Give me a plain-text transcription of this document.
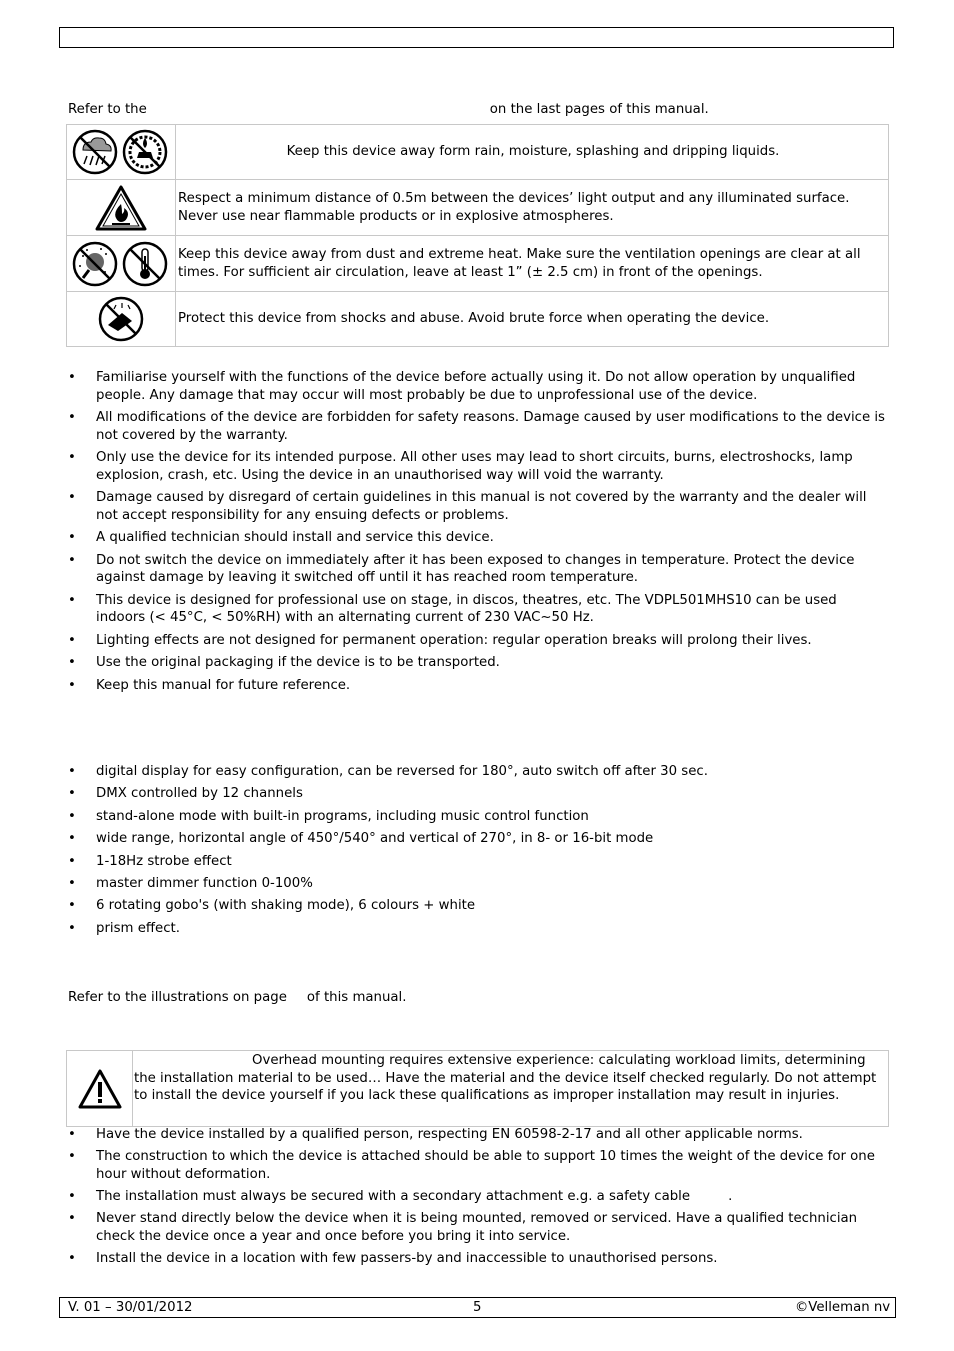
Refer to the	on the last pages of this manual.
	Keep this device away form rain, moisture, splashing and dripping liquids.
	Respect a minimum distance of 0.5m between the devices’ light output and any illuminated surface. Never use near flammable products or in explosive atmospheres.
	Keep this device away from dust and extreme heat. Make sure the ventilation openings are clear at all times. For sufficient air circulation, leave at least 1” (± 2.5 cm) in front of the openings.
	Protect this device from shocks and abuse. Avoid brute force when operating the device.
• Familiarise yourself with the functions of the device before actually using it. Do not allow operation by unqualified people. Any damage that may occur will most probably be due to unprofessional use of the device.
• All modifications of the device are forbidden for safety reasons. Damage caused by user modifications to the device is not covered by the warranty.
• Only use the device for its intended purpose. All other uses may lead to short circuits, burns, electroshocks, lamp explosion, crash, etc. Using the device in an unauthorised way will void the warranty.
• Damage caused by disregard of certain guidelines in this manual is not covered by the warranty and the dealer will not accept responsibility for any ensuing defects or problems.
• A qualified technician should install and service this device.
• Do not switch the device on immediately after it has been exposed to changes in temperature. Protect the device against damage by leaving it switched off until it has reached room temperature.
• This device is designed for professional use on stage, in discos, theatres, etc. The VDPL501MHS10 can be used indoors (< 45°C, < 50%RH) with an alternating current of 230 VAC~50 Hz.
• Lighting effects are not designed for permanent operation: regular operation breaks will prolong their lives.
• Use the original packaging if the device is to be transported.
• Keep this manual for future reference.
• digital display for easy configuration, can be reversed for 180°, auto switch off after 30 sec.
• DMX controlled by 12 channels
• stand-alone mode with built-in programs, including music control function
• wide range, horizontal angle of 450°/540° and vertical of 270°, in 8- or 16-bit mode
• 1-18Hz strobe effect
• master dimmer function 0-100%
• 6 rotating gobo's (with shaking mode), 6 colours + white
• prism effect.
Refer to the illustrations on page of this manual.
Overhead mounting requires extensive experience: calculating workload limits, determining the installation material to be used… Have the material and the device itself checked regularly. Do not attempt to install the device yourself if you lack these qualifications as improper installation may result in injuries.
• Have the device installed by a qualified person, respecting EN 60598-2-17 and all other applicable norms.
• The construction to which the device is attached should be able to support 10 times the weight of the device for one hour without deformation.
• The installation must always be secured with a secondary attachment e.g. a safety cable	.
• Never stand directly below the device when it is being mounted, removed or serviced. Have a qualified technician check the device once a year and once before you bring it into service.
• Install the device in a location with few passers-by and inaccessible to unauthorised persons.
V. 01 – 30/01/2012	5	©Velleman nv
